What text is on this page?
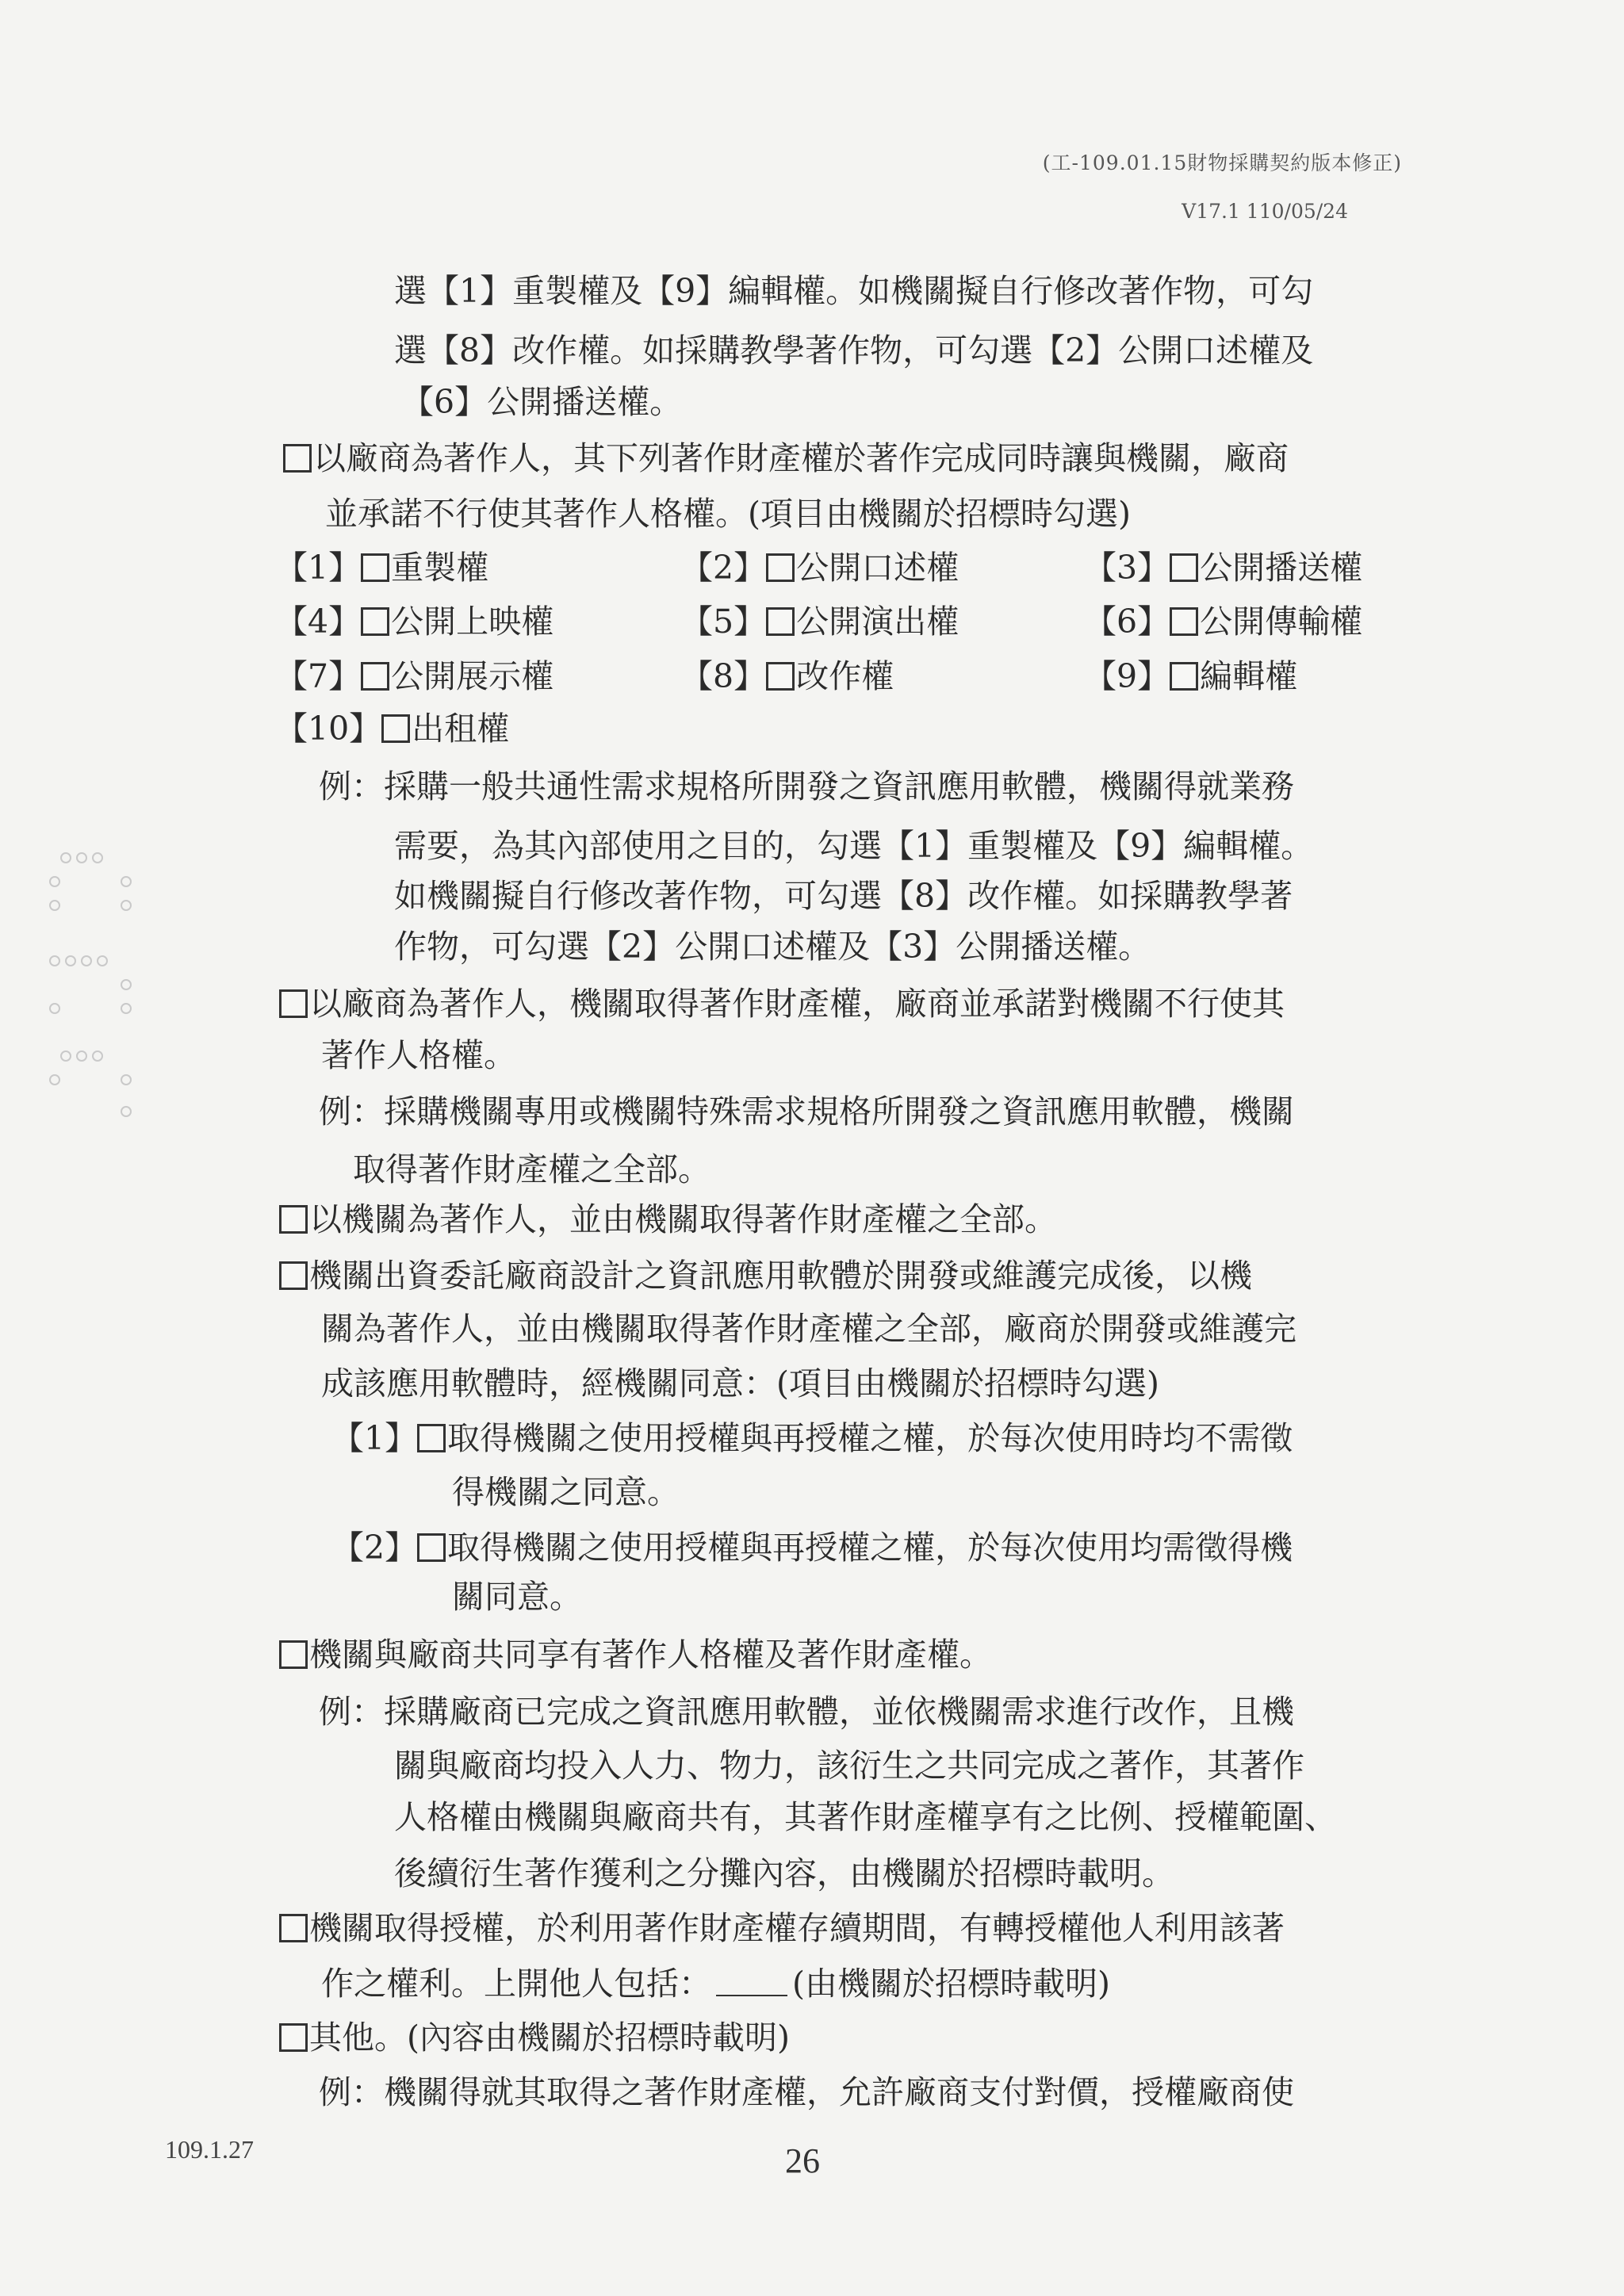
(工-109.01.15財物採購契約版本修正)
V17.1 110/05/24
選【1】重製權及【9】編輯權。如機關擬自行修改著作物，可勾
選【8】改作權。如採購教學著作物，可勾選【2】公開口述權及
【6】公開播送權。
以廠商為著作人，其下列著作財產權於著作完成同時讓與機關，廠商
並承諾不行使其著作人格權。(項目由機關於招標時勾選)
【1】 重製權	【2】 公開口述權	【3】 公開播送權
【4】 公開上映權	【5】 公開演出權	【6】 公開傳輸權
【7】 公開展示權	【8】 改作權	【9】 編輯權
【10】 出租權
例：採購一般共通性需求規格所開發之資訊應用軟體，機關得就業務
需要，為其內部使用之目的，勾選【1】重製權及【9】編輯權。
如機關擬自行修改著作物，可勾選【8】改作權。如採購教學著
作物，可勾選【2】公開口述權及【3】公開播送權。
以廠商為著作人，機關取得著作財產權，廠商並承諾對機關不行使其
著作人格權。
例：採購機關專用或機關特殊需求規格所開發之資訊應用軟體，機關
取得著作財產權之全部。
以機關為著作人，並由機關取得著作財產權之全部。
機關出資委託廠商設計之資訊應用軟體於開發或維護完成後，以機
關為著作人，並由機關取得著作財產權之全部，廠商於開發或維護完
成該應用軟體時，經機關同意：(項目由機關於招標時勾選)
【1】 取得機關之使用授權與再授權之權，於每次使用時均不需徵
得機關之同意。
【2】 取得機關之使用授權與再授權之權，於每次使用均需徵得機
關同意。
機關與廠商共同享有著作人格權及著作財產權。
例：採購廠商已完成之資訊應用軟體，並依機關需求進行改作，且機
關與廠商均投入人力、物力，該衍生之共同完成之著作，其著作
人格權由機關與廠商共有，其著作財產權享有之比例、授權範圍、
後續衍生著作獲利之分攤內容，由機關於招標時載明。
機關取得授權，於利用著作財產權存續期間，有轉授權他人利用該著
作之權利。上開他人包括： (由機關於招標時載明)
其他。(內容由機關於招標時載明)
例：機關得就其取得之著作財產權，允許廠商支付對價，授權廠商使
109.1.27	26
